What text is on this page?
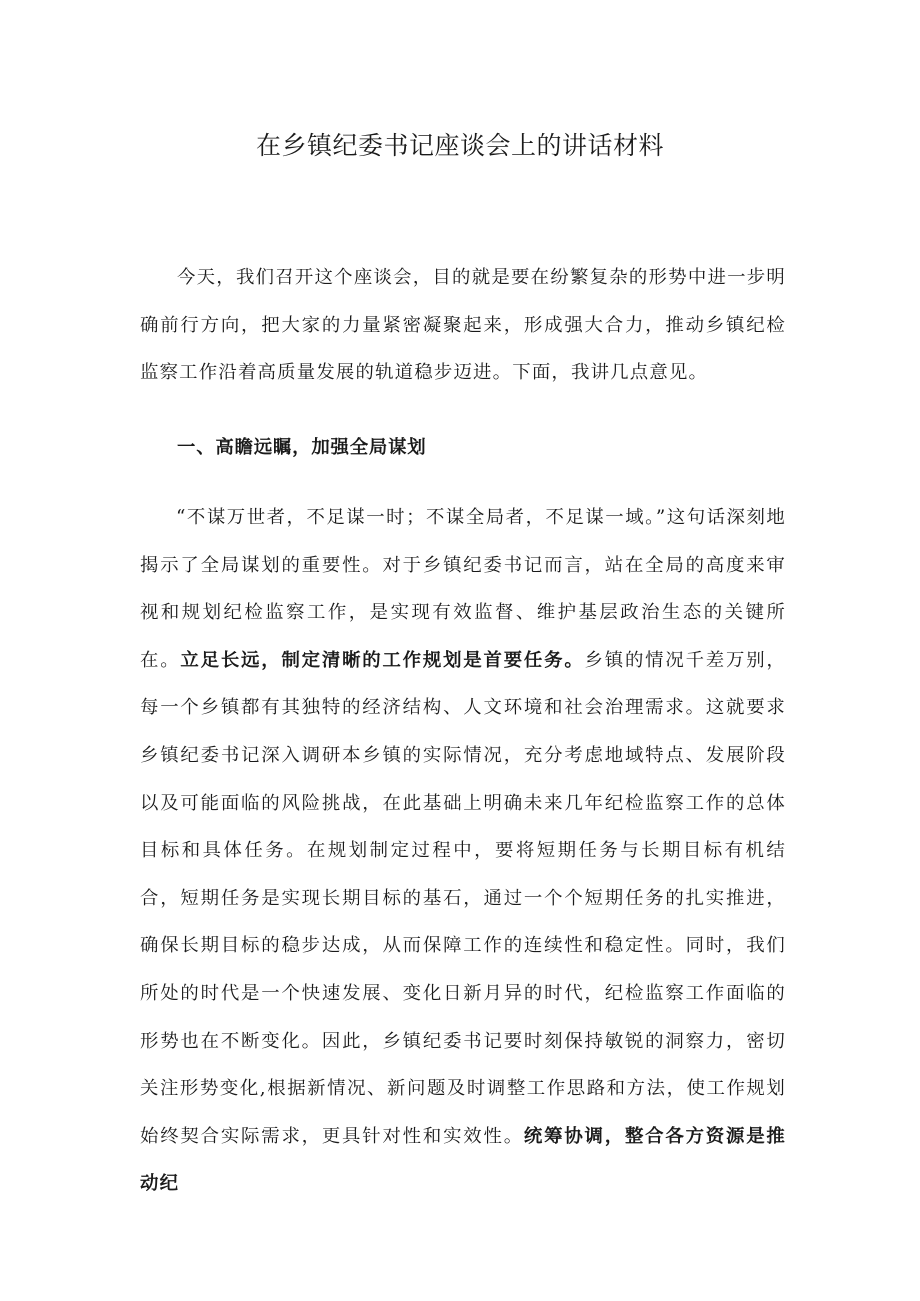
在乡镇纪委书记座谈会上的讲话材料

今天，我们召开这个座谈会，目的就是要在纷繁复杂的形势中进一步明确前行方向，把大家的力量紧密凝聚起来，形成强大合力，推动乡镇纪检监察工作沿着高质量发展的轨道稳步迈进。下面，我讲几点意见。

一、高瞻远瞩，加强全局谋划

“不谋万世者，不足谋一时；不谋全局者，不足谋一域。”这句话深刻地揭示了全局谋划的重要性。对于乡镇纪委书记而言，站在全局的高度来审视和规划纪检监察工作，是实现有效监督、维护基层政治生态的关键所在。立足长远，制定清晰的工作规划是首要任务。乡镇的情况千差万别，每一个乡镇都有其独特的经济结构、人文环境和社会治理需求。这就要求乡镇纪委书记深入调研本乡镇的实际情况，充分考虑地域特点、发展阶段以及可能面临的风险挑战，在此基础上明确未来几年纪检监察工作的总体目标和具体任务。在规划制定过程中，要将短期任务与长期目标有机结合，短期任务是实现长期目标的基石，通过一个个短期任务的扎实推进，确保长期目标的稳步达成，从而保障工作的连续性和稳定性。同时，我们所处的时代是一个快速发展、变化日新月异的时代，纪检监察工作面临的形势也在不断变化。因此，乡镇纪委书记要时刻保持敏锐的洞察力，密切关注形势变化,根据新情况、新问题及时调整工作思路和方法，使工作规划始终契合实际需求，更具针对性和实效性。统筹协调，整合各方资源是推动纪
